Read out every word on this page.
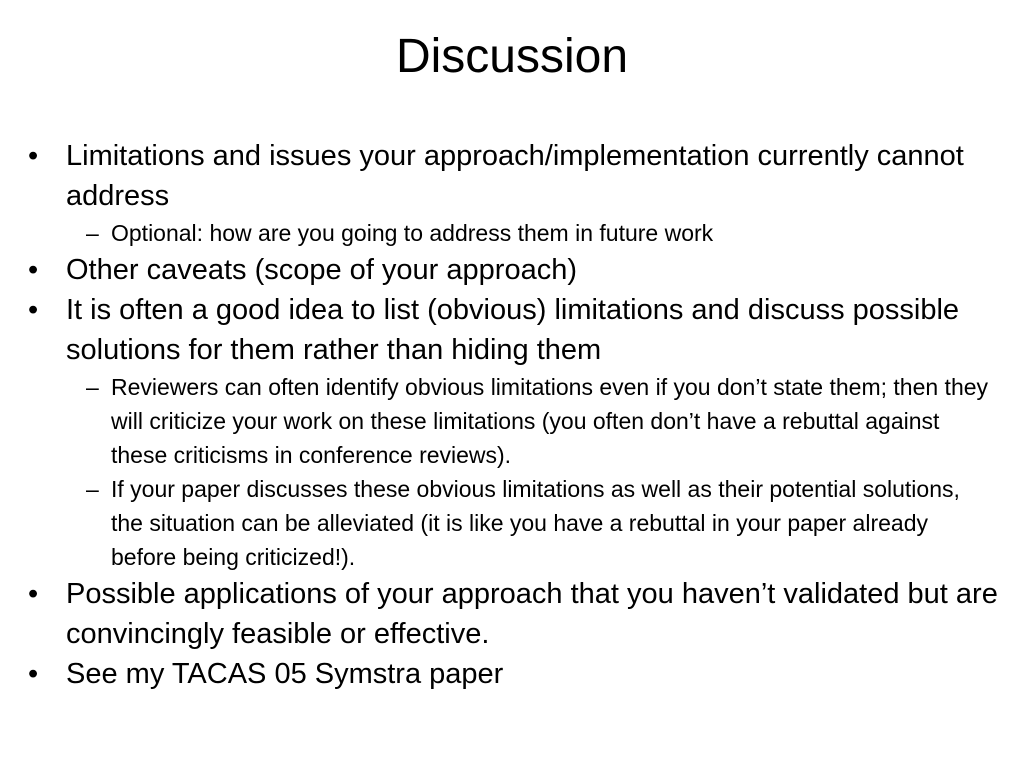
Discussion
• Limitations and issues your approach/implementation currently cannot address
– Optional: how are you going to address them in future work
• Other caveats (scope of your approach)
• It is often a good idea to list (obvious) limitations and discuss possible solutions for them rather than hiding them
– Reviewers can often identify obvious limitations even if you don’t state them; then they will criticize your work on these limitations (you often don’t have a rebuttal against these criticisms in conference reviews).
– If your paper discusses these obvious limitations as well as their potential solutions, the situation can be alleviated (it is like you have a rebuttal in your paper already before being criticized!).
• Possible applications of your approach that you haven’t validated but are convincingly feasible or effective.
• See my TACAS 05 Symstra paper
